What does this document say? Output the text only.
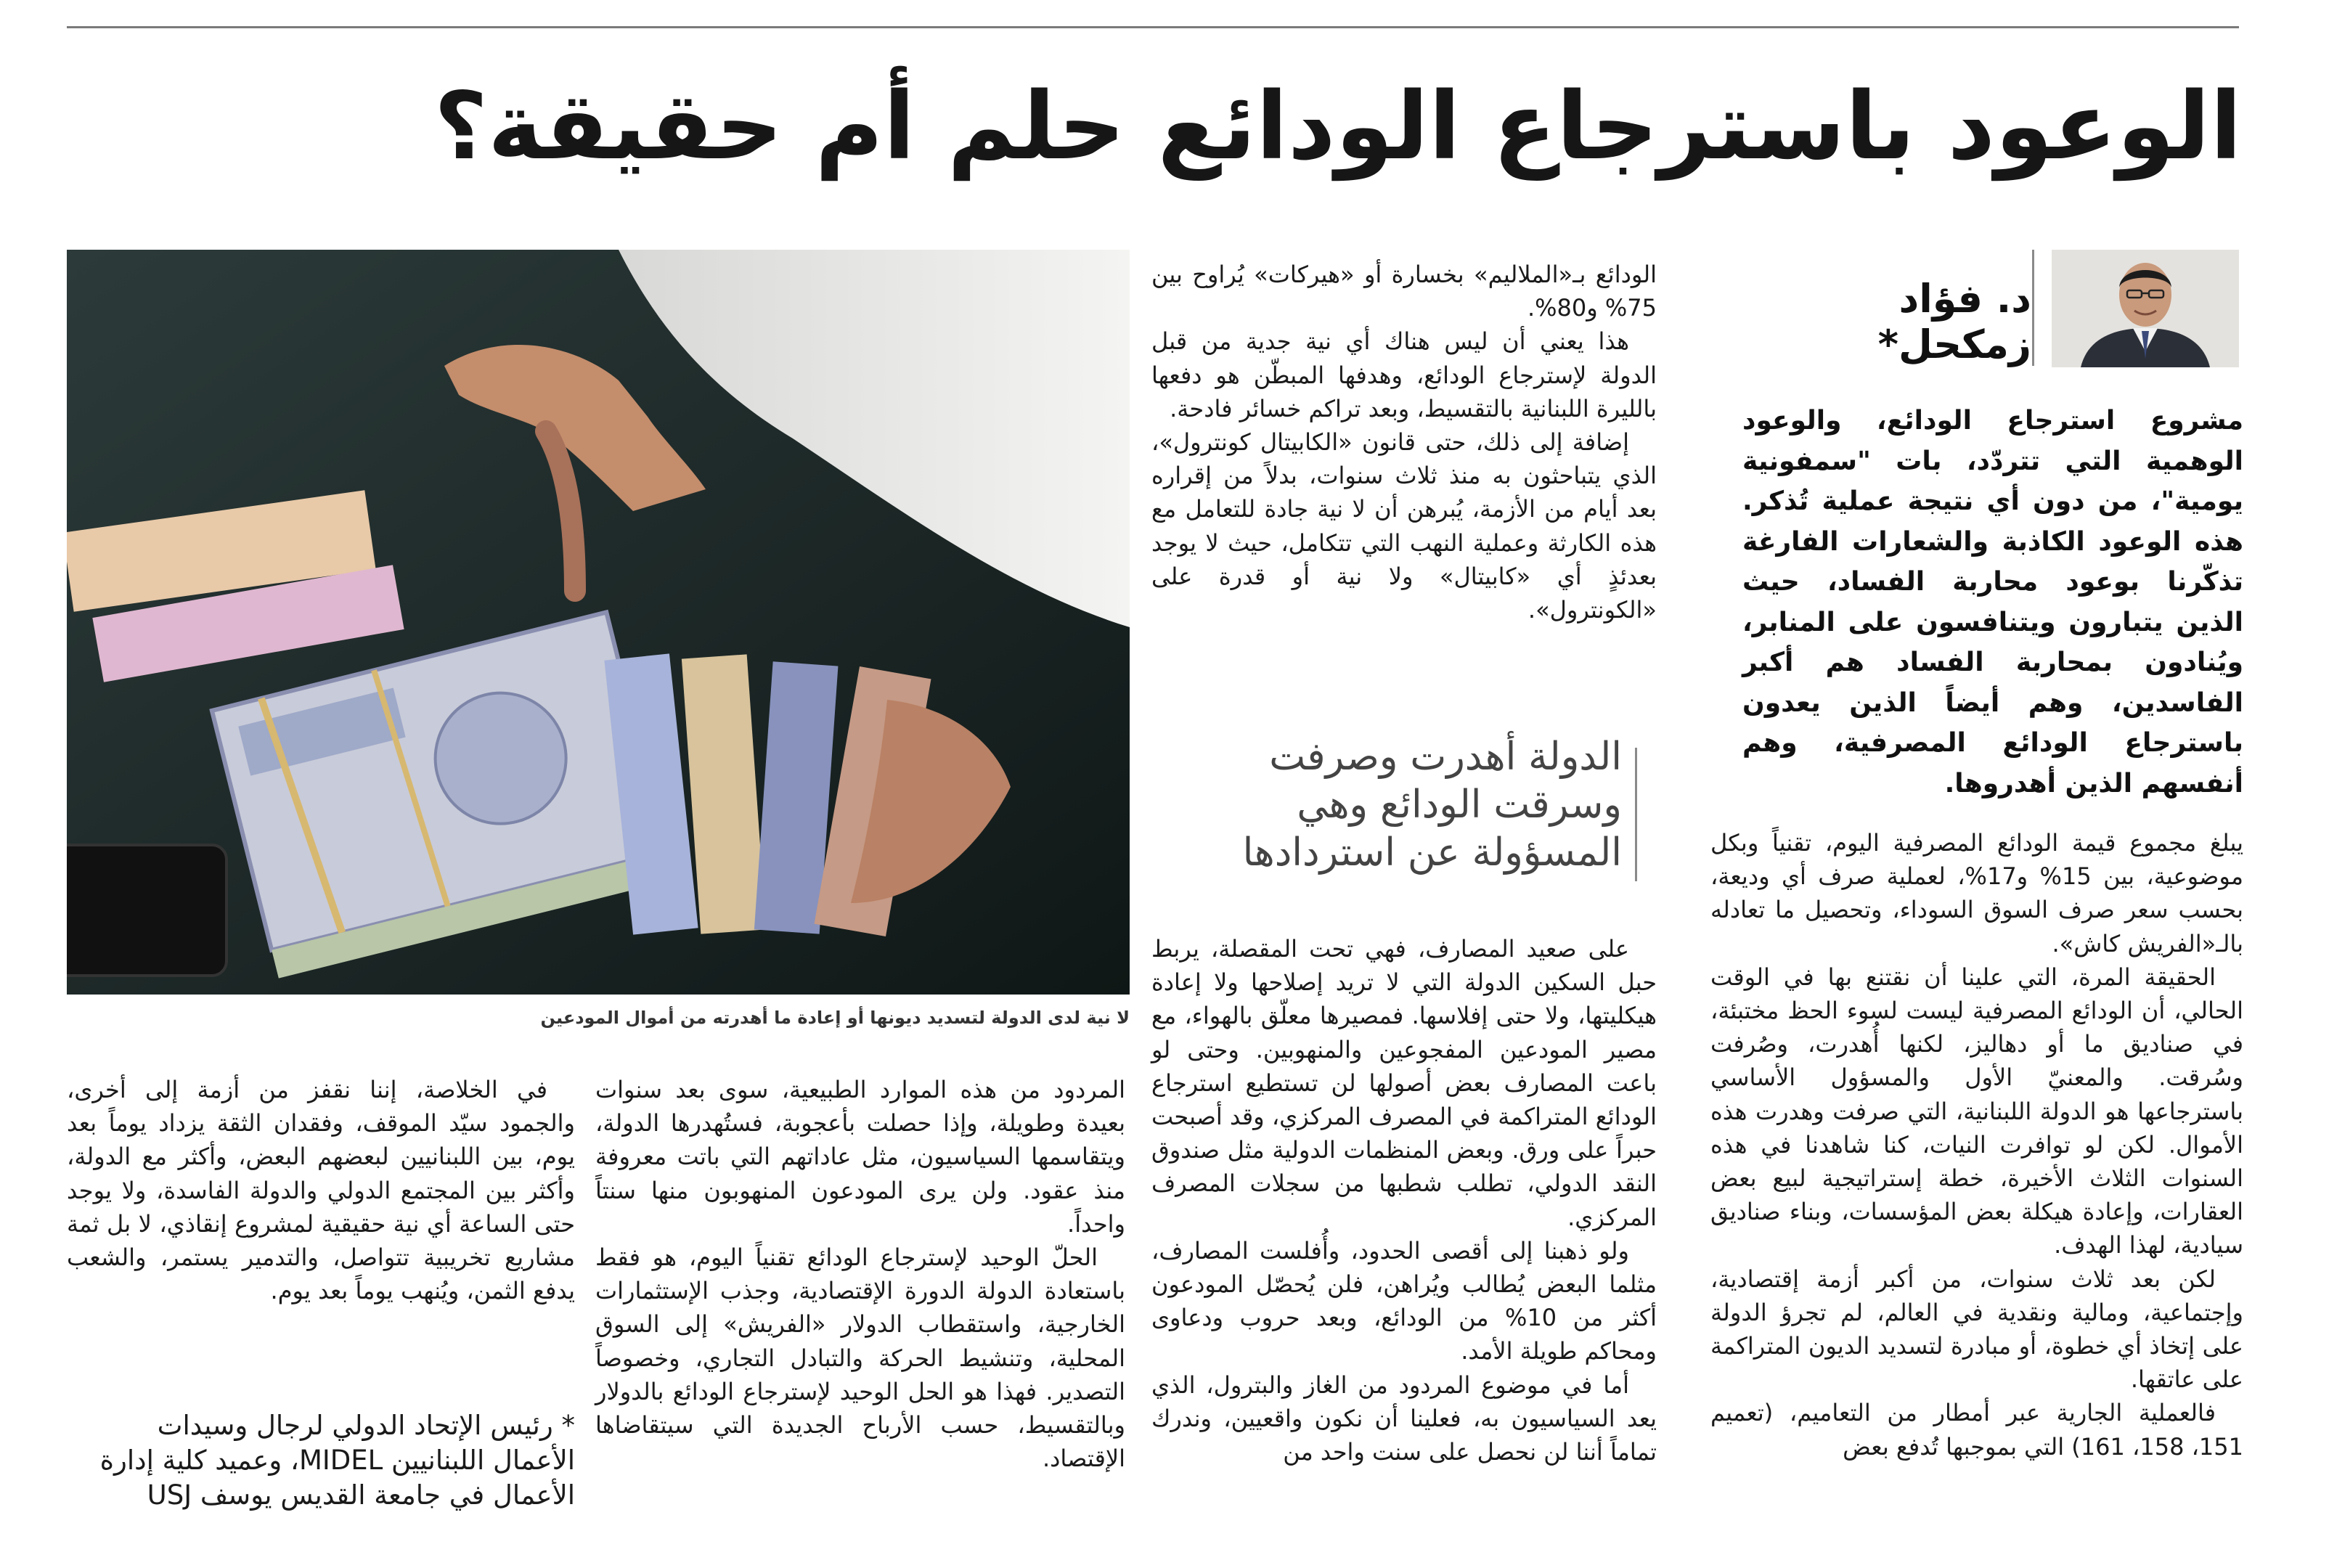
الوعود باسترجاع الودائع حلم أم حقيقة؟
د. فؤاد زمكحل*
مشروع استرجاع الودائع، والوعود الوهمية التي تتردّد، بات "سمفونية يومية"، من دون أي نتيجة عملية تُذكر. هذه الوعود الكاذبة والشعارات الفارغة تذكّرنا بوعود محاربة الفساد، حيث الذين يتبارون ويتنافسون على المنابر، ويُنادون بمحاربة الفساد هم أكبر الفاسدين، وهم أيضاً الذين يعدون باسترجاع الودائع المصرفية، وهم أنفسهم الذين أهدروها.

يبلغ مجموع قيمة الودائع المصرفية اليوم، تقنياً وبكل موضوعية، بين 15% و17%، لعملية صرف أي وديعة، بحسب سعر صرف السوق السوداء، وتحصيل ما تعادله بالـ«الفريش كاش».

الحقيقة المرة، التي علينا أن نقتنع بها في الوقت الحالي، أن الودائع المصرفية ليست لسوء الحظ مختبئة، في صناديق ما أو دهاليز، لكنها أُهدرت، وصُرفت وسُرقت. والمعنيّ الأول والمسؤول الأساسي باسترجاعها هو الدولة اللبنانية، التي صرفت وهدرت هذه الأموال. لكن لو توافرت النيات، كنا شاهدنا في هذه السنوات الثلاث الأخيرة، خطة إستراتيجية لبيع بعض العقارات، وإعادة هيكلة بعض المؤسسات، وبناء صناديق سيادية، لهذا الهدف.

لكن بعد ثلاث سنوات، من أكبر أزمة إقتصادية، وإجتماعية، ومالية ونقدية في العالم، لم تجرؤ الدولة على إتخاذ أي خطوة، أو مبادرة لتسديد الديون المتراكمة على عاتقها.

فالعملية الجارية عبر أمطار من التعاميم، (تعميم 151، 158، 161) التي بموجبها تُدفع بعض

الودائع بـ«الملاليم» بخسارة أو «هيركات» يُراوح بين 75% و80%.

هذا يعني أن ليس هناك أي نية جدية من قبل الدولة لإسترجاع الودائع، وهدفها المبطّن هو دفعها بالليرة اللبنانية بالتقسيط، وبعد تراكم خسائر فادحة.

إضافة إلى ذلك، حتى قانون «الكابيتال كونترول»، الذي يتباحثون به منذ ثلاث سنوات، بدلاً من إقراره بعد أيام من الأزمة، يُبرهن أن لا نية جادة للتعامل مع هذه الكارثة وعملية النهب التي تتكامل، حيث لا يوجد بعدئذٍ أي «كابيتال» ولا نية أو قدرة على «الكونترول».

الدولة أهدرت وصرفت وسرقت الودائع وهي المسؤولة عن استردادها

على صعيد المصارف، فهي تحت المقصلة، يربط حبل السكين الدولة التي لا تريد إصلاحها ولا إعادة هيكليتها، ولا حتى إفلاسها. فمصيرها معلّق بالهواء، مع مصير المودعين المفجوعين والمنهوبين. وحتى لو باعت المصارف بعض أصولها لن تستطيع استرجاع الودائع المتراكمة في المصرف المركزي، وقد أصبحت حبراً على ورق. وبعض المنظمات الدولية مثل صندوق النقد الدولي، تطلب شطبها من سجلات المصرف المركزي.

ولو ذهبنا إلى أقصى الحدود، وأُفلست المصارف، مثلما البعض يُطالب ويُراهن، فلن يُحصّل المودعون أكثر من 10% من الودائع، وبعد حروب ودعاوى ومحاكم طويلة الأمد.

أما في موضوع المردود من الغاز والبترول، الذي يعد السياسيون به، فعلينا أن نكون واقعيين، وندرك تماماً أننا لن نحصل على سنت واحد من

لا نية لدى الدولة لتسديد ديونها أو إعادة ما أهدرته من أموال المودعين

المردود من هذه الموارد الطبيعية، سوى بعد سنوات بعيدة وطويلة، وإذا حصلت بأعجوبة، فستُهدرها الدولة، ويتقاسمها السياسيون، مثل عاداتهم التي باتت معروفة منذ عقود. ولن يرى المودعون المنهوبون منها سنتاً واحداً.

الحلّ الوحيد لإسترجاع الودائع تقنياً اليوم، هو فقط باستعادة الدولة الدورة الإقتصادية، وجذب الإستثمارات الخارجية، واستقطاب الدولار «الفريش» إلى السوق المحلية، وتنشيط الحركة والتبادل التجاري، وخصوصاً التصدير. فهذا هو الحل الوحيد لإسترجاع الودائع بالدولار وبالتقسيط، حسب الأرباح الجديدة التي سيتقاضاها الإقتصاد.

في الخلاصة، إننا نقفز من أزمة إلى أخرى، والجمود سيّد الموقف، وفقدان الثقة يزداد يوماً بعد يوم، بين اللبنانيين لبعضهم البعض، وأكثر مع الدولة، وأكثر بين المجتمع الدولي والدولة الفاسدة، ولا يوجد حتى الساعة أي نية حقيقية لمشروع إنقاذي، لا بل ثمة مشاريع تخريبية تتواصل، والتدمير يستمر، والشعب يدفع الثمن، ويُنهب يوماً بعد يوم.

* رئيس الإتحاد الدولي لرجال وسيدات الأعمال اللبنانيين MIDEL، وعميد كلية إدارة الأعمال في جامعة القديس يوسف USJ
